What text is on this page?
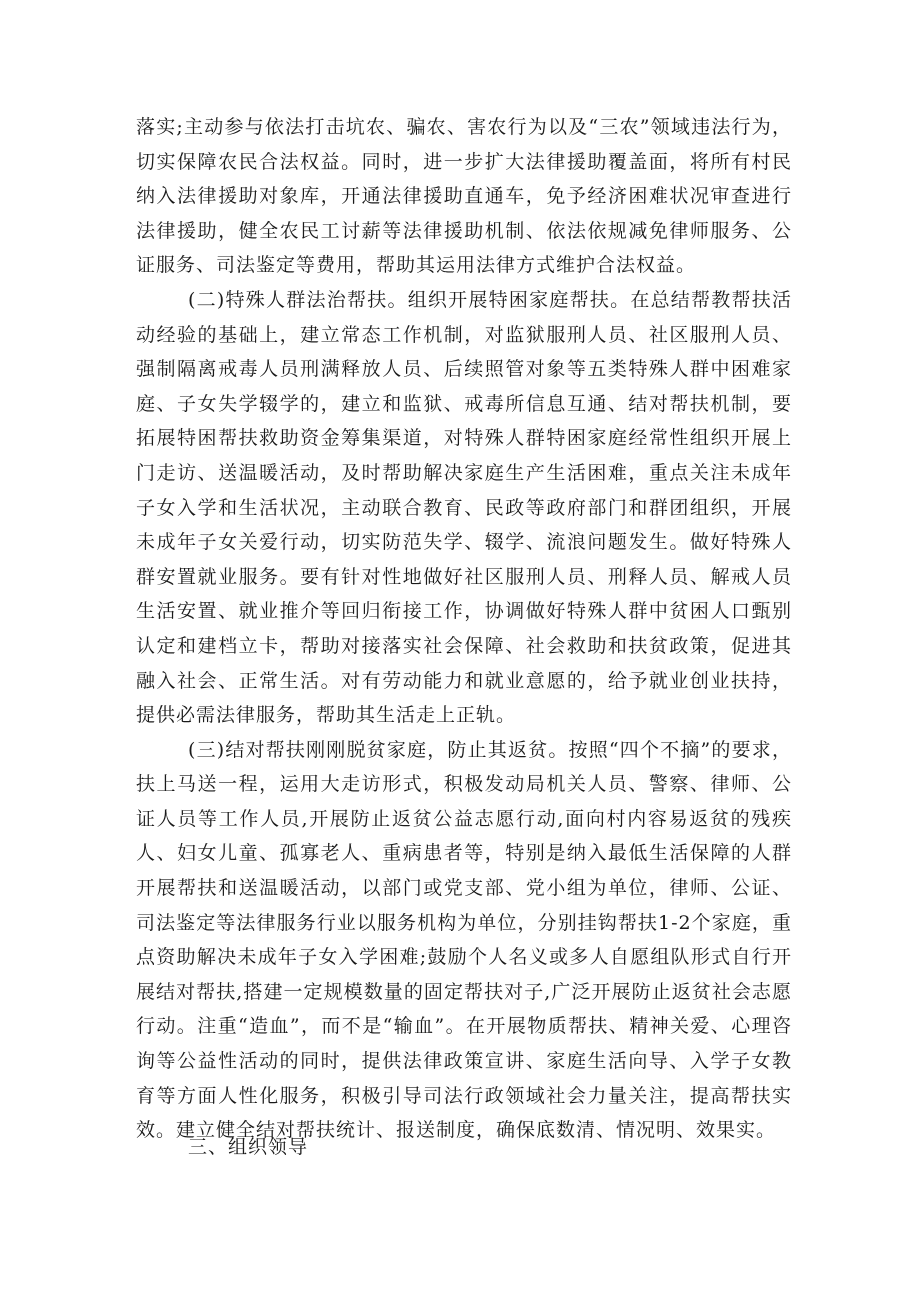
落实;主动参与依法打击坑农、骗农、害农行为以及“三农”领域违法行为，切实保障农民合法权益。同时，进一步扩大法律援助覆盖面，将所有村民纳入法律援助对象库，开通法律援助直通车，免予经济困难状况审查进行法律援助，健全农民工讨薪等法律援助机制、依法依规减免律师服务、公证服务、司法鉴定等费用，帮助其运用法律方式维护合法权益。

(二)特殊人群法治帮扶。组织开展特困家庭帮扶。在总结帮教帮扶活动经验的基础上，建立常态工作机制，对监狱服刑人员、社区服刑人员、强制隔离戒毒人员刑满释放人员、后续照管对象等五类特殊人群中困难家庭、子女失学辍学的，建立和监狱、戒毒所信息互通、结对帮扶机制，要拓展特困帮扶救助资金筹集渠道，对特殊人群特困家庭经常性组织开展上门走访、送温暖活动，及时帮助解决家庭生产生活困难，重点关注未成年子女入学和生活状况，主动联合教育、民政等政府部门和群团组织，开展未成年子女关爱行动，切实防范失学、辍学、流浪问题发生。做好特殊人群安置就业服务。要有针对性地做好社区服刑人员、刑释人员、解戒人员生活安置、就业推介等回归衔接工作，协调做好特殊人群中贫困人口甄别认定和建档立卡，帮助对接落实社会保障、社会救助和扶贫政策，促进其融入社会、正常生活。对有劳动能力和就业意愿的，给予就业创业扶持，提供必需法律服务，帮助其生活走上正轨。

(三)结对帮扶刚刚脱贫家庭，防止其返贫。按照“四个不摘”的要求，扶上马送一程，运用大走访形式，积极发动局机关人员、警察、律师、公证人员等工作人员,开展防止返贫公益志愿行动,面向村内容易返贫的残疾人、妇女儿童、孤寡老人、重病患者等，特别是纳入最低生活保障的人群开展帮扶和送温暖活动，以部门或党支部、党小组为单位，律师、公证、司法鉴定等法律服务行业以服务机构为单位，分别挂钩帮扶1-2个家庭，重点资助解决未成年子女入学困难;鼓励个人名义或多人自愿组队形式自行开展结对帮扶,搭建一定规模数量的固定帮扶对子,广泛开展防止返贫社会志愿行动。注重“造血”，而不是“输血”。在开展物质帮扶、精神关爱、心理咨询等公益性活动的同时，提供法律政策宣讲、家庭生活向导、入学子女教育等方面人性化服务，积极引导司法行政领域社会力量关注，提高帮扶实效。建立健全结对帮扶统计、报送制度，确保底数清、情况明、效果实。

三、组织领导
